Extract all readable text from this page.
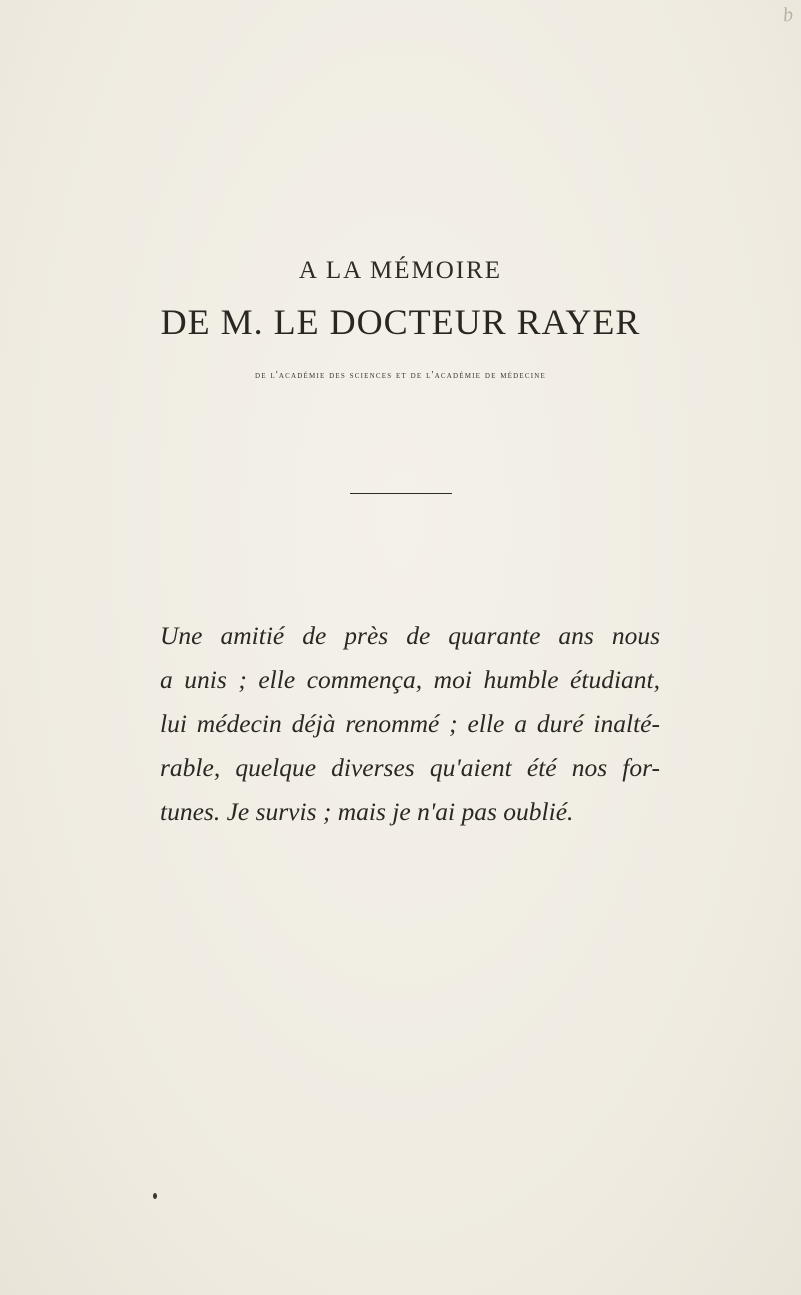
b
A LA MÉMOIRE
DE M. LE DOCTEUR RAYER
de l'académie des sciences et de l'académie de médecine
Une amitié de près de quarante ans nous
a unis ; elle commença, moi humble étudiant,
lui médecin déjà renommé ; elle a duré inalté-
rable, quelque diverses qu'aient été nos for-
tunes. Je survis ; mais je n'ai pas oublié.
